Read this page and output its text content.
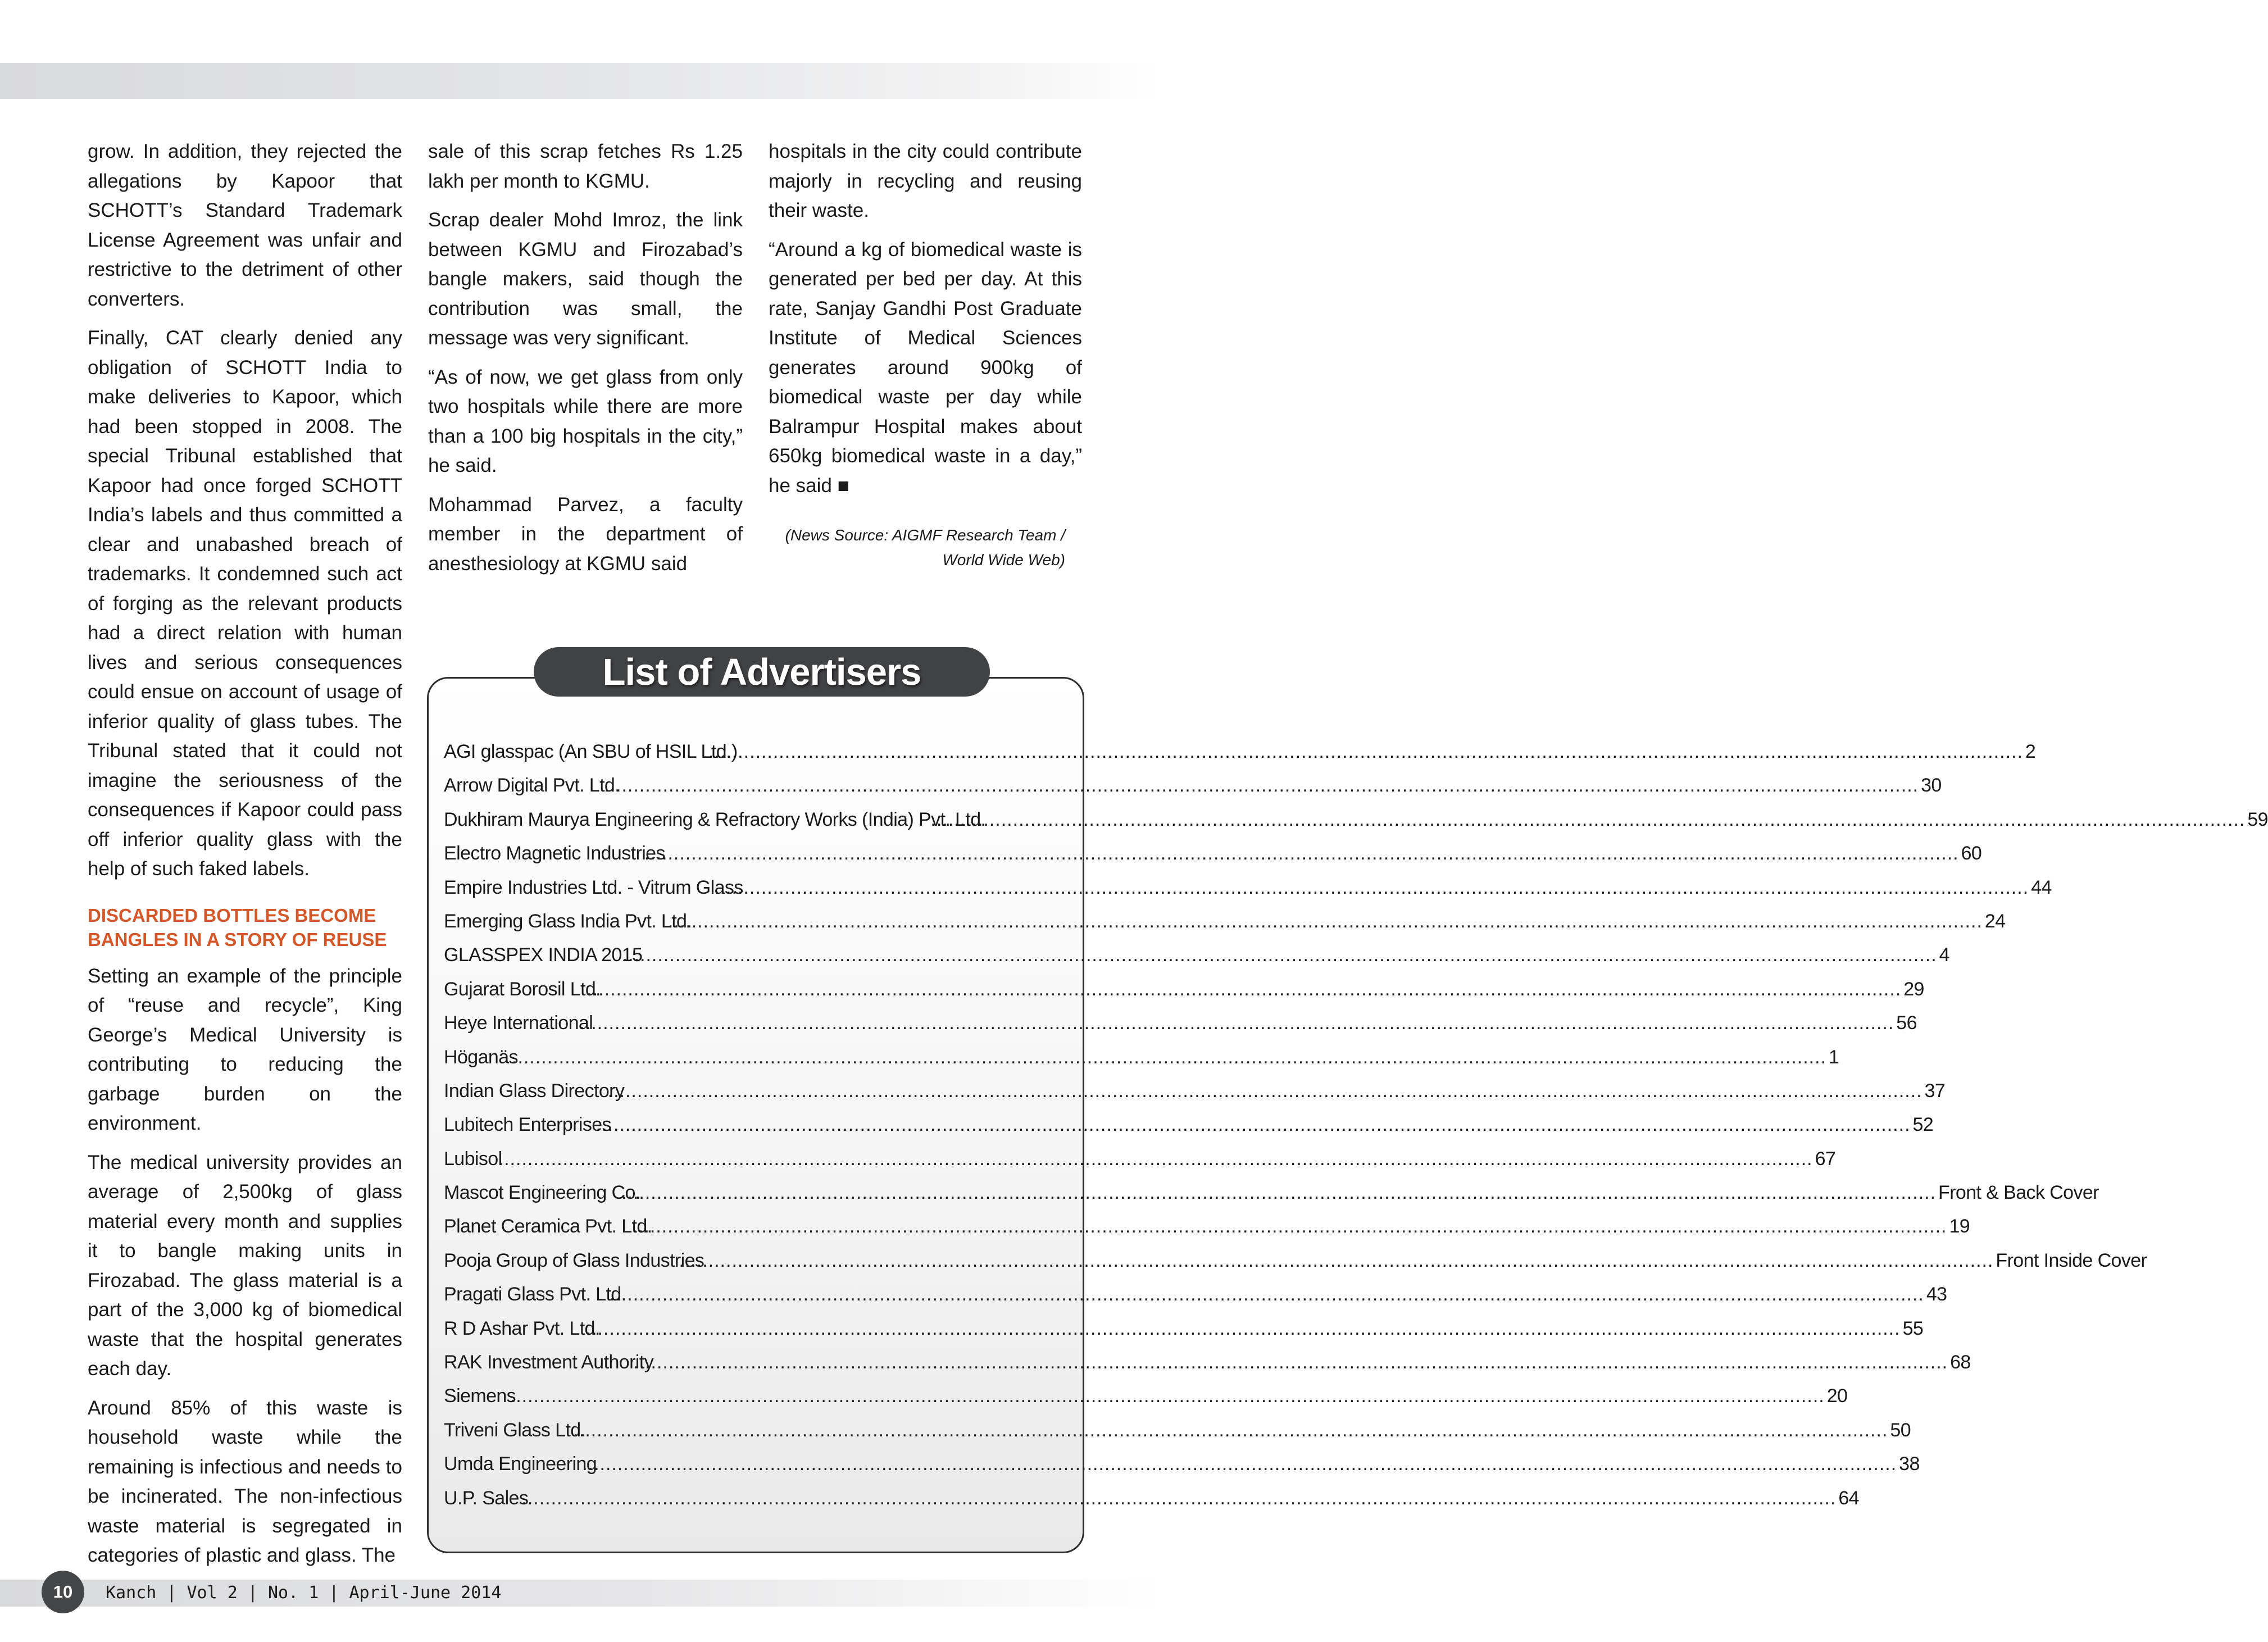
grow. In addition, they rejected the allegations by Kapoor that SCHOTT’s Standard Trademark License Agreement was unfair and restrictive to the detriment of other converters.

Finally, CAT clearly denied any obligation of SCHOTT India to make deliveries to Kapoor, which had been stopped in 2008. The special Tribunal established that Kapoor had once forged SCHOTT India’s labels and thus committed a clear and unabashed breach of trademarks. It condemned such act of forging as the relevant products had a direct relation with human lives and serious consequences could ensue on account of usage of inferior quality of glass tubes. The Tribunal stated that it could not imagine the seriousness of the consequences if Kapoor could pass off inferior quality glass with the help of such faked labels.

DISCARDED BOTTLES BECOME BANGLES IN A STORY OF REUSE

Setting an example of the principle of “reuse and recycle”, King George’s Medical University is contributing to reducing the garbage burden on the environment.

The medical university provides an average of 2,500kg of glass material every month and supplies it to bangle making units in Firozabad. The glass material is a part of the 3,000 kg of biomedical waste that the hospital generates each day.

Around 85% of this waste is household waste while the remaining is infectious and needs to be incinerated. The non-infectious waste material is segregated in categories of plastic and glass. The

sale of this scrap fetches Rs 1.25 lakh per month to KGMU.

Scrap dealer Mohd Imroz, the link between KGMU and Firozabad’s bangle makers, said though the contribution was small, the message was very significant.

“As of now, we get glass from only two hospitals while there are more than a 100 big hospitals in the city,” he said.

Mohammad Parvez, a faculty member in the department of anesthesiology at KGMU said

hospitals in the city could contribute majorly in recycling and reusing their waste.

“Around a kg of biomedical waste is generated per bed per day. At this rate, Sanjay Gandhi Post Graduate Institute of Medical Sciences generates around 900kg of biomedical waste per day while Balrampur Hospital makes about 650kg biomedical waste in a day,” he said ■

(News Source: AIGMF Research Team /
World Wide Web)
List of Advertisers
AGI glasspac (An SBU of HSIL Ltd.) .....	2
Arrow Digital Pvt. Ltd. .....	30
Dukhiram Maurya Engineering & Refractory Works (India) Pvt. Ltd. .....	59
Electro Magnetic Industries .....	60
Empire Industries Ltd. - Vitrum Glass .....	44
Emerging Glass India Pvt. Ltd. .....	24
GLASSPEX INDIA 2015 .....	4
Gujarat Borosil Ltd. .....	29
Heye International .....	56
Höganäs .....	1
Indian Glass Directory .....	37
Lubitech Enterprises .....	52
Lubisol .....	67
Mascot Engineering Co. .....	Front & Back Cover
Planet Ceramica Pvt. Ltd. .....	19
Pooja Group of Glass Industries .....	Front Inside Cover
Pragati Glass Pvt. Ltd. .....	43
R D Ashar Pvt. Ltd. .....	55
RAK Investment Authority .....	68
Siemens .....	20
Triveni Glass Ltd. .....	50
Umda Engineering .....	38
U.P. Sales .....	64
10	Kanch | Vol 2 | No. 1 | April-June 2014
